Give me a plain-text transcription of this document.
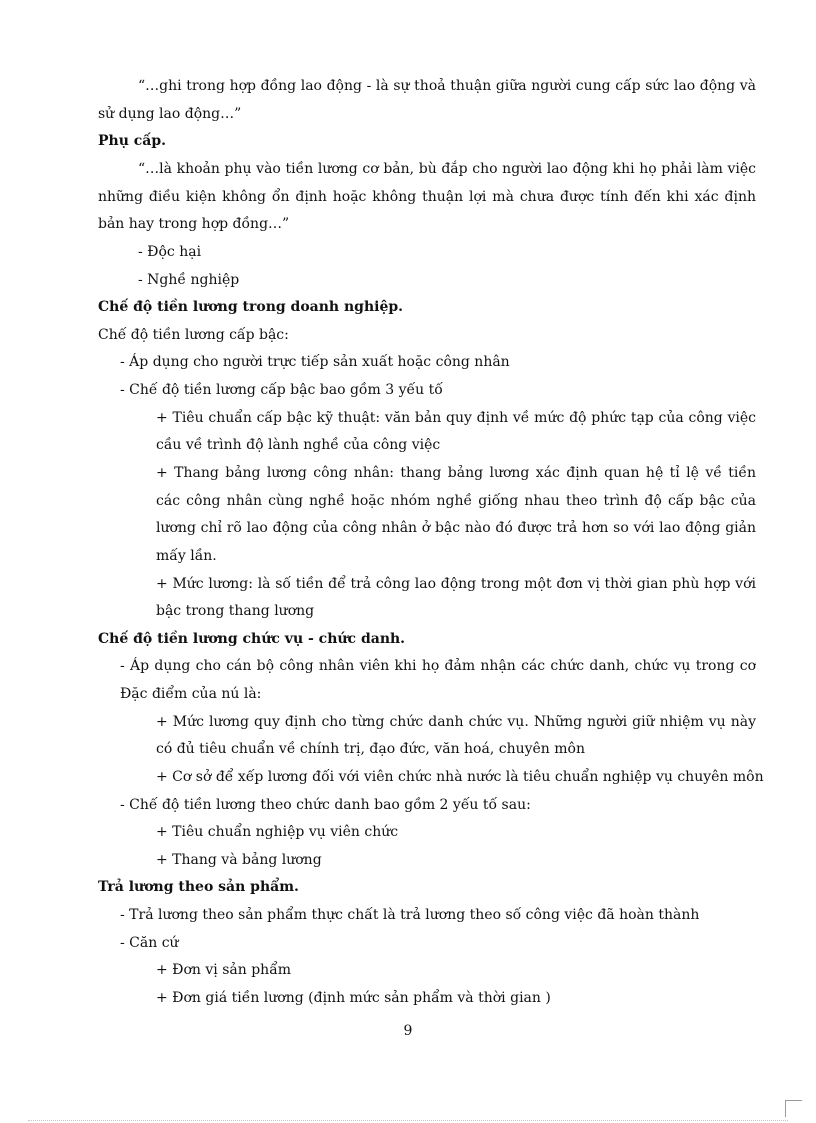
“…ghi trong hợp đồng lao động - là sự thoả thuận giữa người cung cấp sức lao động và
sử dụng lao động…”
Phụ cấp.
“…là khoản phụ vào tiền lương cơ bản, bù đắp cho người lao động khi họ phải làm việc
những điều kiện không ổn định hoặc không thuận lợi mà chưa được tính đến khi xác định
bản hay trong hợp đồng…”
- Độc hại
- Nghề nghiệp
Chế độ tiền lương trong doanh nghiệp.
Chế độ tiền lương cấp bậc:
- Áp dụng cho người trực tiếp sản xuất hoặc công nhân
- Chế độ tiền lương cấp bậc bao gồm 3 yếu tố
+ Tiêu chuẩn cấp bậc kỹ thuật: văn bản quy định về mức độ phức tạp của công việc
cầu về trình độ lành nghề của công việc
+ Thang bảng lương công nhân: thang bảng lương xác định quan hệ tỉ lệ về tiền
các công nhân cùng nghề hoặc nhóm nghề giống nhau theo trình độ cấp bậc của
lương chỉ rõ lao động của công nhân ở bậc nào đó được trả hơn so với lao động giản
mấy lần.
+ Mức lương: là số tiền để trả công lao động trong một đơn vị thời gian phù hợp với
bậc trong thang lương
Chế độ tiền lương chức vụ - chức danh.
- Áp dụng cho cán bộ công nhân viên khi họ đảm nhận các chức danh, chức vụ trong cơ
Đặc điểm của nú là:
+ Mức lương quy định cho từng chức danh chức vụ. Những người giữ nhiệm vụ này
có đủ tiêu chuẩn về chính trị, đạo đức, văn hoá, chuyên môn
+ Cơ sở để xếp lương đối với viên chức nhà nước là tiêu chuẩn nghiệp vụ chuyên môn
- Chế độ tiền lương theo chức danh bao gồm 2 yếu tố sau:
+ Tiêu chuẩn nghiệp vụ viên chức
+ Thang và bảng lương
Trả lương theo sản phẩm.
- Trả lương theo sản phẩm thực chất là trả lương theo số công việc đã hoàn thành
- Căn cứ
+ Đơn vị sản phẩm
+ Đơn giá tiền lương (định mức sản phẩm và thời gian )
9
